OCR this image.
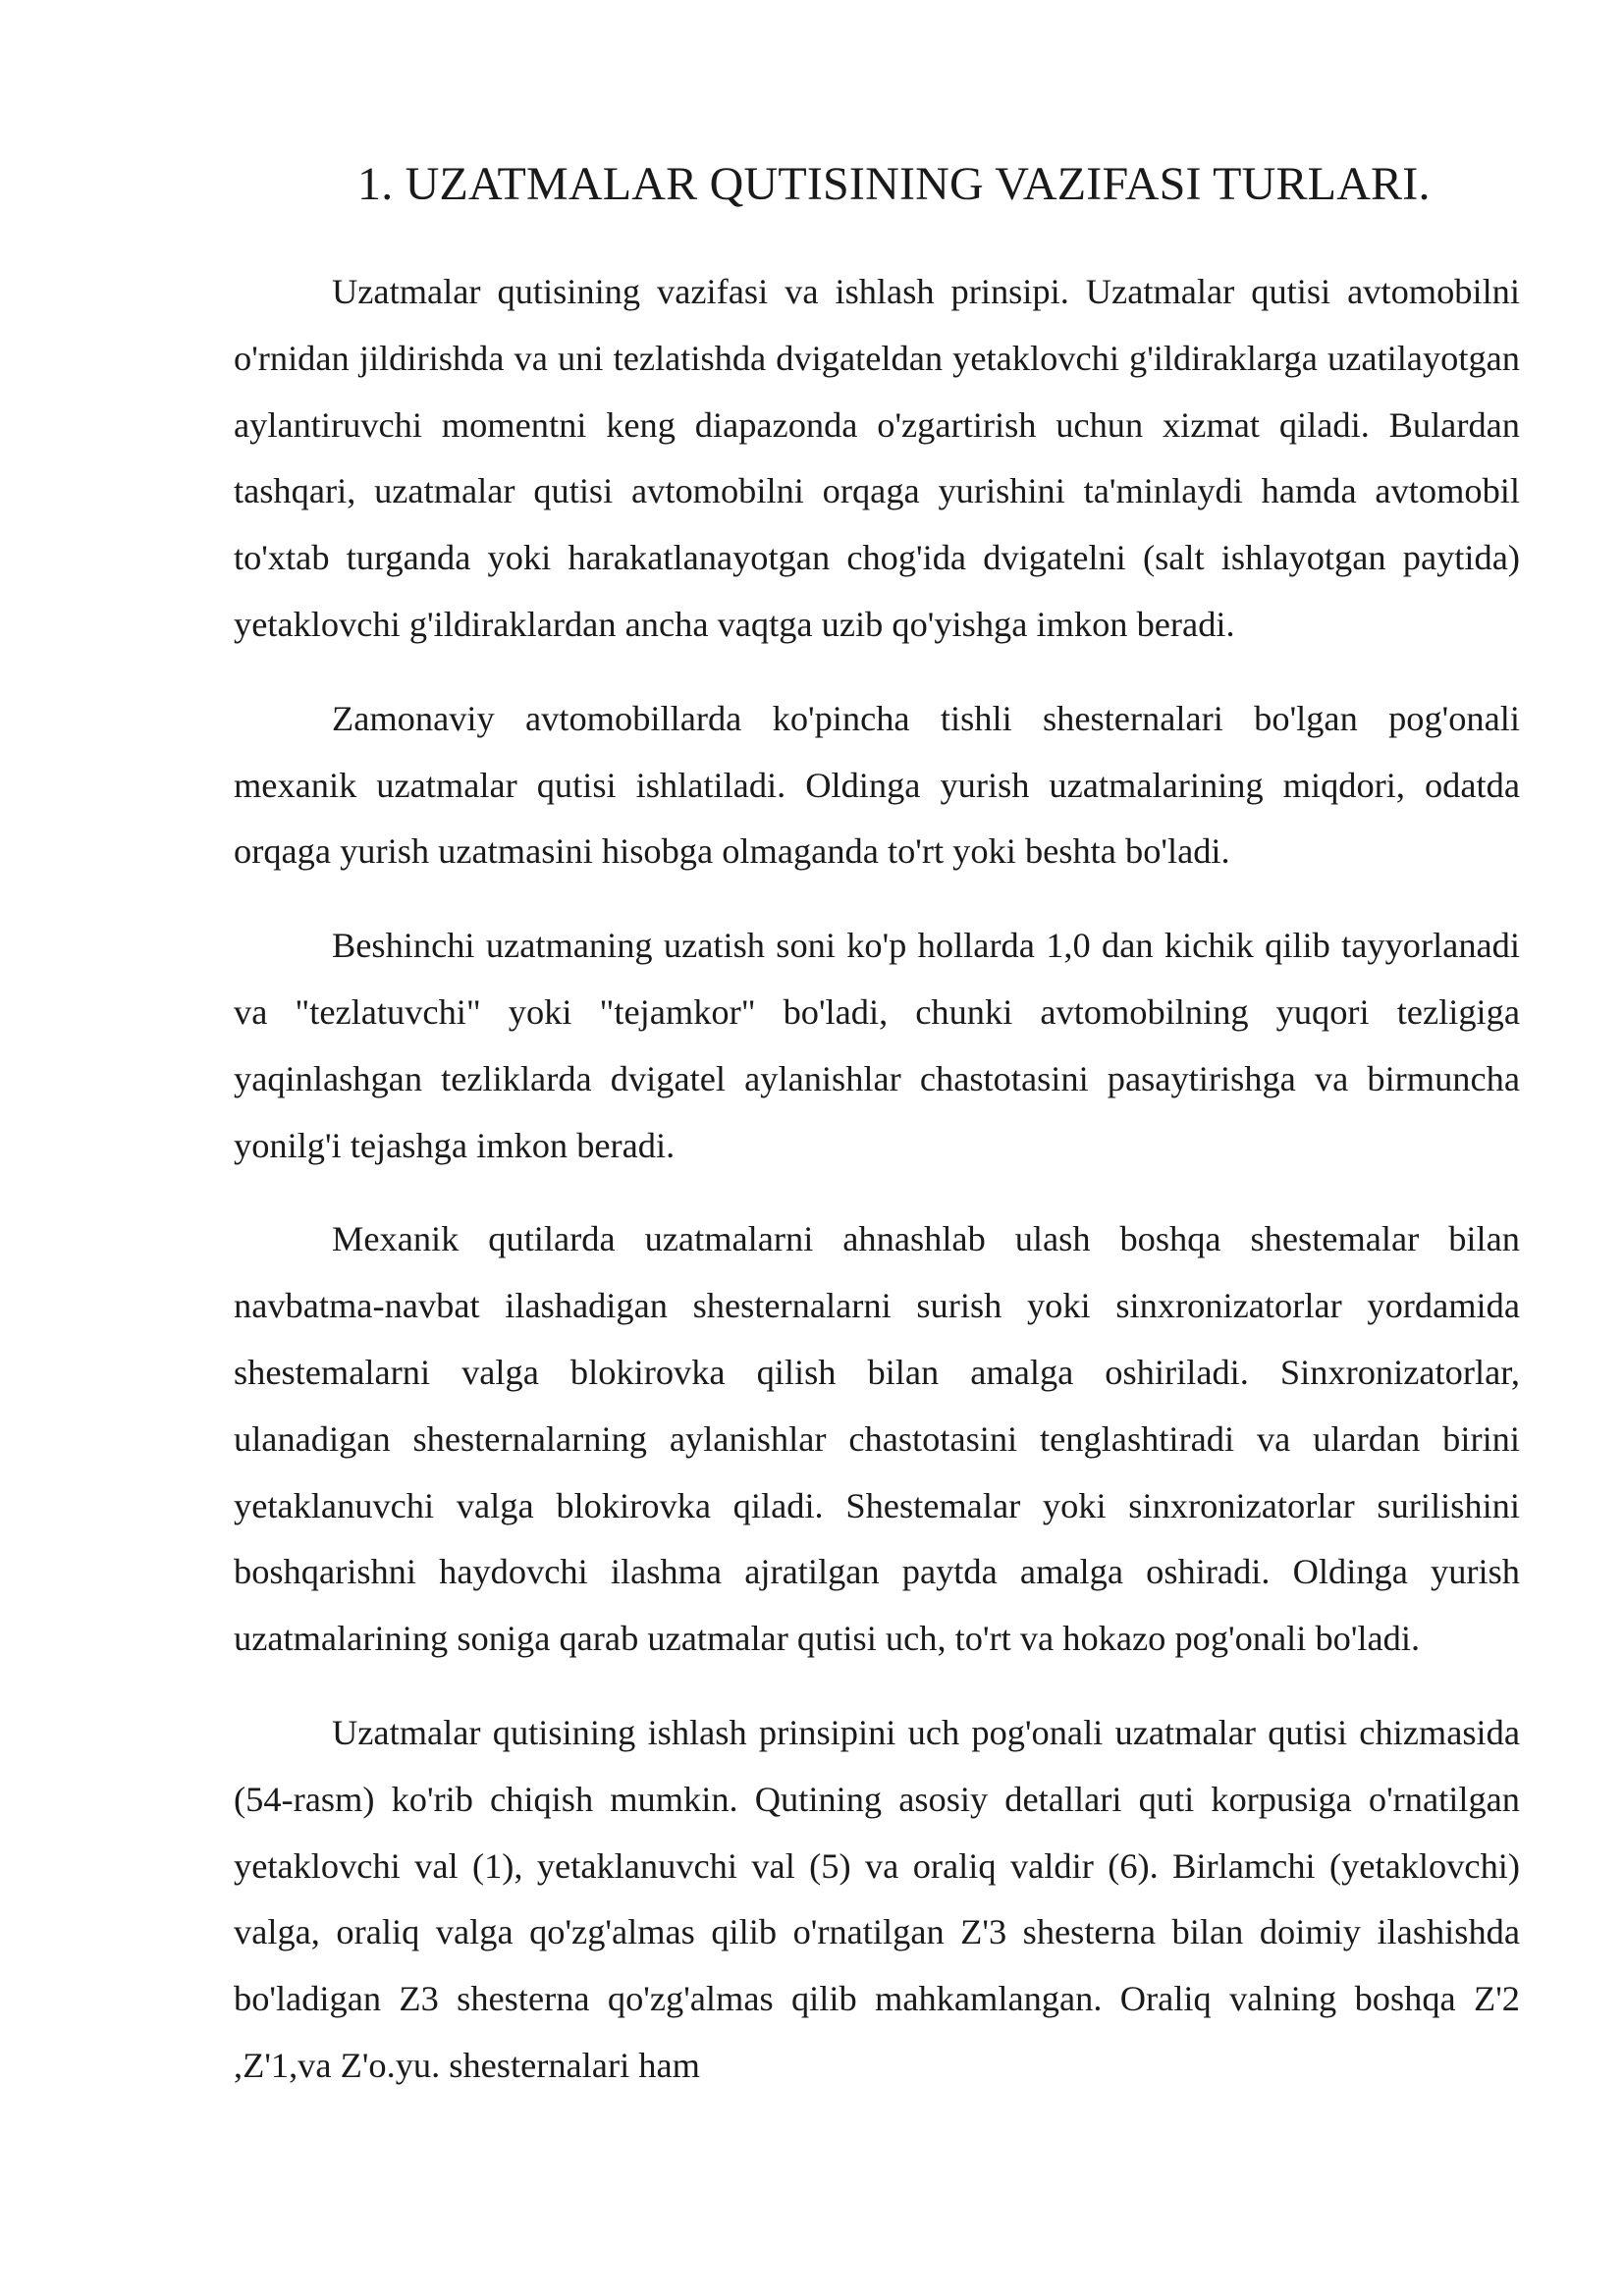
1. UZATMALAR QUTISINING VAZIFASI TURLARI.

Uzatmalar qutisining vazifasi va ishlash prinsipi. Uzatmalar qutisi avtomobilni o'rnidan jildirishda va uni tezlatishda dvigateldan yetaklovchi g'ildiraklarga uzatilayotgan aylantiruvchi momentni keng diapazonda o'zgartirish uchun xizmat qiladi. Bulardan tashqari, uzatmalar qutisi avtomobilni orqaga yurishini ta'minlaydi hamda avtomobil to'xtab turganda yoki harakatlanayotgan chog'ida dvigatelni (salt ishlayotgan paytida) yetaklovchi g'ildiraklardan ancha vaqtga uzib qo'yishga imkon beradi.

Zamonaviy avtomobillarda ko'pincha tishli shesternalari bo'lgan pog'onali mexanik uzatmalar qutisi ishlatiladi. Oldinga yurish uzatmalarining miqdori, odatda orqaga yurish uzatmasini hisobga olmaganda to'rt yoki beshta bo'ladi.

Beshinchi uzatmaning uzatish soni ko'p hollarda 1,0 dan kichik qilib tayyorlanadi va "tezlatuvchi" yoki "tejamkor" bo'ladi, chunki avtomobilning yuqori tezligiga yaqinlashgan tezliklarda dvigatel aylanishlar chastotasini pasaytirishga va birmuncha yonilg'i tejashga imkon beradi.

Mexanik qutilarda uzatmalarni ahnashlab ulash boshqa shestemalar bilan navbatma-navbat ilashadigan shesternalarni surish yoki sinxronizatorlar yordamida shestemalarni valga blokirovka qilish bilan amalga oshiriladi. Sinxronizatorlar, ulanadigan shesternalarning aylanishlar chastotasini tenglashtiradi va ulardan birini yetaklanuvchi valga blokirovka qiladi. Shestemalar yoki sinxronizatorlar surilishini boshqarishni haydovchi ilashma ajratilgan paytda amalga oshiradi. Oldinga yurish uzatmalarining soniga qarab uzatmalar qutisi uch, to'rt va hokazo pog'onali bo'ladi.

Uzatmalar qutisining ishlash prinsipini uch pog'onali uzatmalar qutisi chizmasida (54-rasm) ko'rib chiqish mumkin. Qutining asosiy detallari quti korpusiga o'rnatilgan yetaklovchi val (1), yetaklanuvchi val (5) va oraliq valdir (6). Birlamchi (yetaklovchi) valga, oraliq valga qo'zg'almas qilib o'rnatilgan Z'3 shesterna bilan doimiy ilashishda bo'ladigan Z3 shesterna qo'zg'almas qilib mahkamlangan. Oraliq valning boshqa Z'2 ,Z'1,va Z'o.yu. shesternalari ham
